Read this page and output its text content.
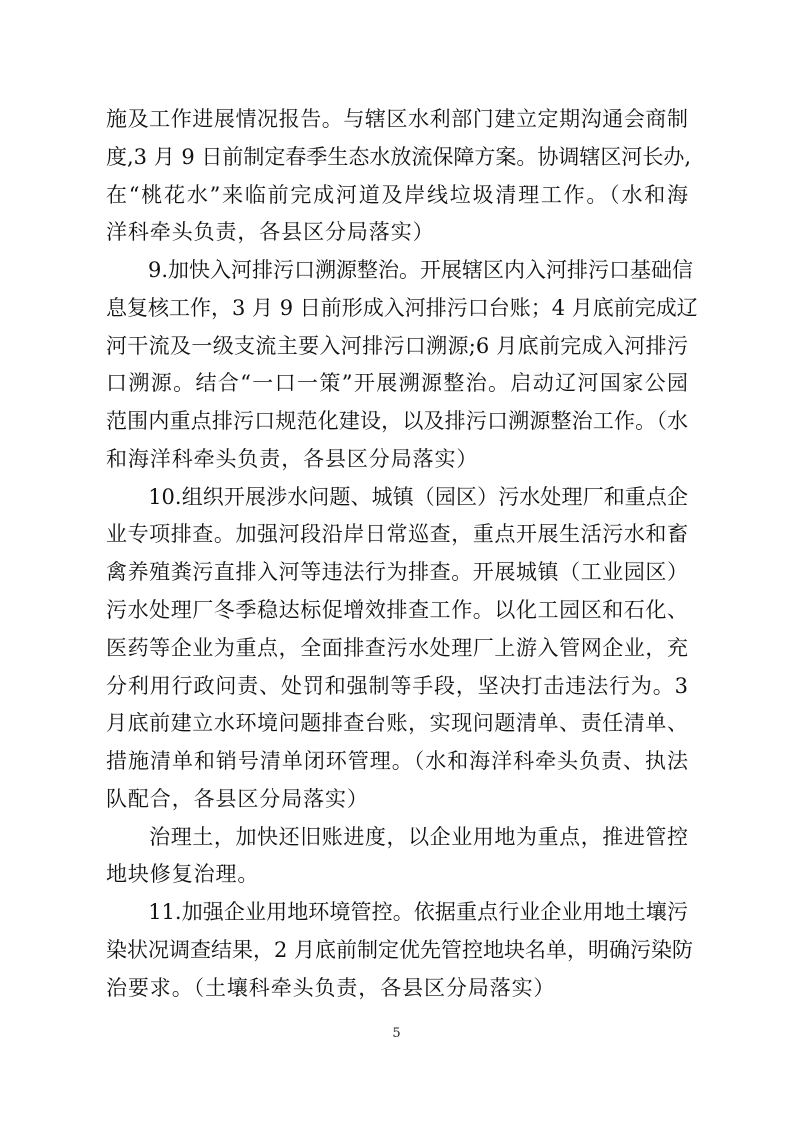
施及工作进展情况报告。与辖区水利部门建立定期沟通会商制
度,3 月 9 日前制定春季生态水放流保障方案。协调辖区河长办,
在“桃花水”来临前完成河道及岸线垃圾清理工作。（水和海
洋科牵头负责，各县区分局落实）
　　9.加快入河排污口溯源整治。开展辖区内入河排污口基础信
息复核工作，3 月 9 日前形成入河排污口台账；4 月底前完成辽
河干流及一级支流主要入河排污口溯源;6 月底前完成入河排污
口溯源。结合“一口一策”开展溯源整治。启动辽河国家公园
范围内重点排污口规范化建设，以及排污口溯源整治工作。（水
和海洋科牵头负责，各县区分局落实）
　　10.组织开展涉水问题、城镇（园区）污水处理厂和重点企
业专项排查。加强河段沿岸日常巡查，重点开展生活污水和畜
禽养殖粪污直排入河等违法行为排查。开展城镇（工业园区）
污水处理厂冬季稳达标促增效排查工作。以化工园区和石化、
医药等企业为重点，全面排查污水处理厂上游入管网企业，充
分利用行政问责、处罚和强制等手段，坚决打击违法行为。3
月底前建立水环境问题排查台账，实现问题清单、责任清单、
措施清单和销号清单闭环管理。（水和海洋科牵头负责、执法
队配合，各县区分局落实）
　　治理土，加快还旧账进度，以企业用地为重点，推进管控
地块修复治理。
　　11.加强企业用地环境管控。依据重点行业企业用地土壤污
染状况调查结果，2 月底前制定优先管控地块名单，明确污染防
治要求。（土壤科牵头负责，各县区分局落实）
5
